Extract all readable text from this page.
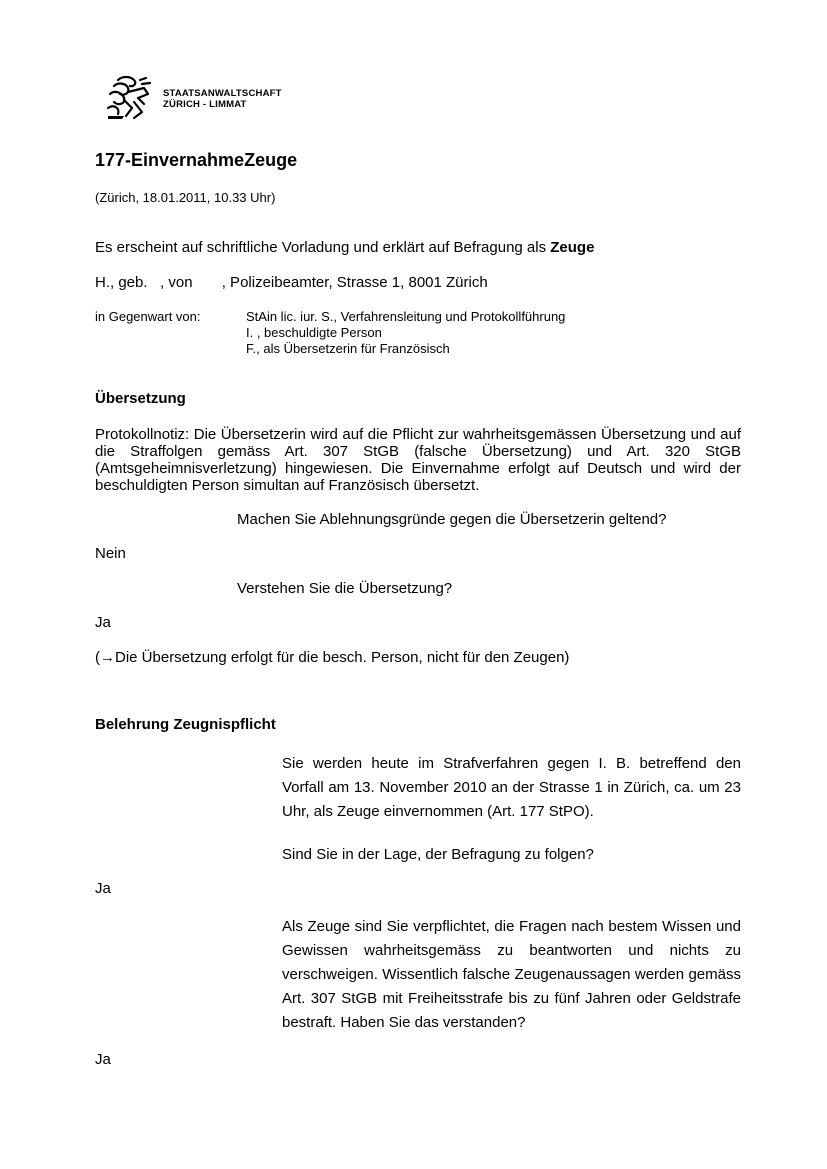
STAATSANWALTSCHAFT
ZÜRICH - LIMMAT
177-EinvernahmeZeuge
(Zürich, 18.01.2011, 10.33 Uhr)
Es erscheint auf schriftliche Vorladung und erklärt auf Befragung als Zeuge
H., geb.   , von       , Polizeibeamter, Strasse 1, 8001 Zürich
in Gegenwart von:	StAin lic. iur. S., Verfahrensleitung und Protokollführung
I. , beschuldigte Person
F., als Übersetzerin für Französisch
Übersetzung
Protokollnotiz: Die Übersetzerin wird auf die Pflicht zur wahrheitsgemässen Übersetzung und auf die Straffolgen gemäss Art. 307 StGB (falsche Übersetzung) und Art. 320 StGB (Amtsgeheimnisverletzung) hingewiesen. Die Einvernahme erfolgt auf Deutsch und wird der beschuldigten Person simultan auf Französisch übersetzt.
Machen Sie Ablehnungsgründe gegen die Übersetzerin geltend?
Nein
Verstehen Sie die Übersetzung?
Ja
(→Die Übersetzung erfolgt für die besch. Person, nicht für den Zeugen)
Belehrung Zeugnispflicht
Sie werden heute im Strafverfahren gegen I. B. betreffend den Vorfall am 13. November 2010 an der Strasse 1 in Zürich, ca. um 23 Uhr, als Zeuge einvernommen (Art. 177 StPO).
Sind Sie in der Lage, der Befragung zu folgen?
Ja
Als Zeuge sind Sie verpflichtet, die Fragen nach bestem Wissen und Gewissen wahrheitsgemäss zu beantworten und nichts zu verschweigen. Wissentlich falsche Zeugenaussagen werden gemäss Art. 307 StGB mit Freiheitsstrafe bis zu fünf Jahren oder Geldstrafe bestraft. Haben Sie das verstanden?
Ja
